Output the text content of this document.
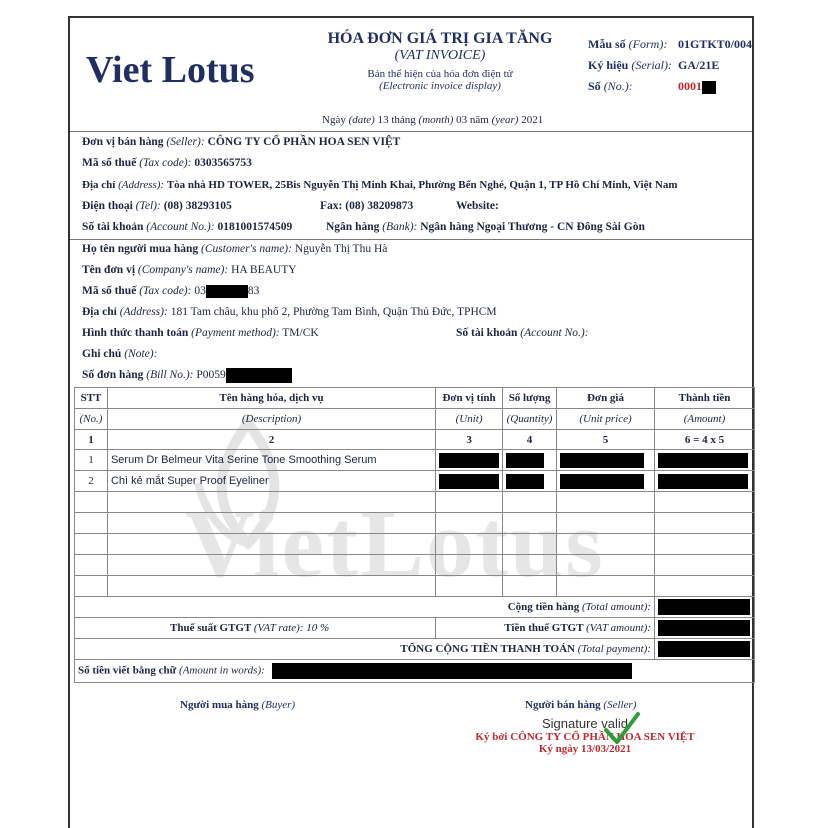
VietLotus
Viet Lotus
HÓA ĐƠN GIÁ TRỊ GIA TĂNG
(VAT INVOICE)
Bản thể hiện của hóa đơn điện tử
(Electronic invoice display)
Ngày (date) 13 tháng (month) 03 năm (year) 2021
Mẫu số (Form): 01GTKT0/004
Ký hiệu (Serial): GA/21E
Số (No.):	0001
Đơn vị bán hàng (Seller): CÔNG TY CỔ PHẦN HOA SEN VIỆT
Mã số thuế (Tax code): 0303565753
Địa chỉ (Address): Tòa nhà HD TOWER, 25Bis Nguyễn Thị Minh Khai, Phường Bến Nghé, Quận 1, TP Hồ Chí Minh, Việt Nam
Điện thoại (Tel): (08) 38293105	Fax: (08) 38209873	Website:
Số tài khoản (Account No.): 0181001574509	Ngân hàng (Bank): Ngân hàng Ngoại Thương - CN Đông Sài Gòn
Họ tên người mua hàng (Customer's name): Nguyễn Thị Thu Hà
Tên đơn vị (Company's name): HA BEAUTY
Mã số thuế (Tax code): 03	83
Địa chỉ (Address): 181 Tam châu, khu phố 2, Phường Tam Bình, Quận Thủ Đức, TPHCM
Hình thức thanh toán (Payment method): TM/CK	Số tài khoản (Account No.):
Ghi chú (Note):
Số đơn hàng (Bill No.): P0059
STT	Tên hàng hóa, dịch vụ	Đơn vị tính	Số lượng	Đơn giá	Thành tiền
(No.)	(Description)	(Unit)	(Quantity)	(Unit price)	(Amount)
1	2	3	4	5	6 = 4 x 5
1	Serum Dr Belmeur Vita Serine Tone Smoothing Serum				
2	Chì kẻ mắt Super Proof Eyeliner				

Cộng tiền hàng (Total amount):					
Thuế suất GTGT (VAT rate): 10 %		Tiền thuế GTGT (VAT amount):			
TỔNG CỘNG TIỀN THANH TOÁN (Total payment):					
Số tiền viết bằng chữ (Amount in words):					
Người mua hàng (Buyer)	Người bán hàng (Seller)
Signature valid
Ký bởi CÔNG TY CỔ PHẦN HOA SEN VIỆT
Ký ngày 13/03/2021
